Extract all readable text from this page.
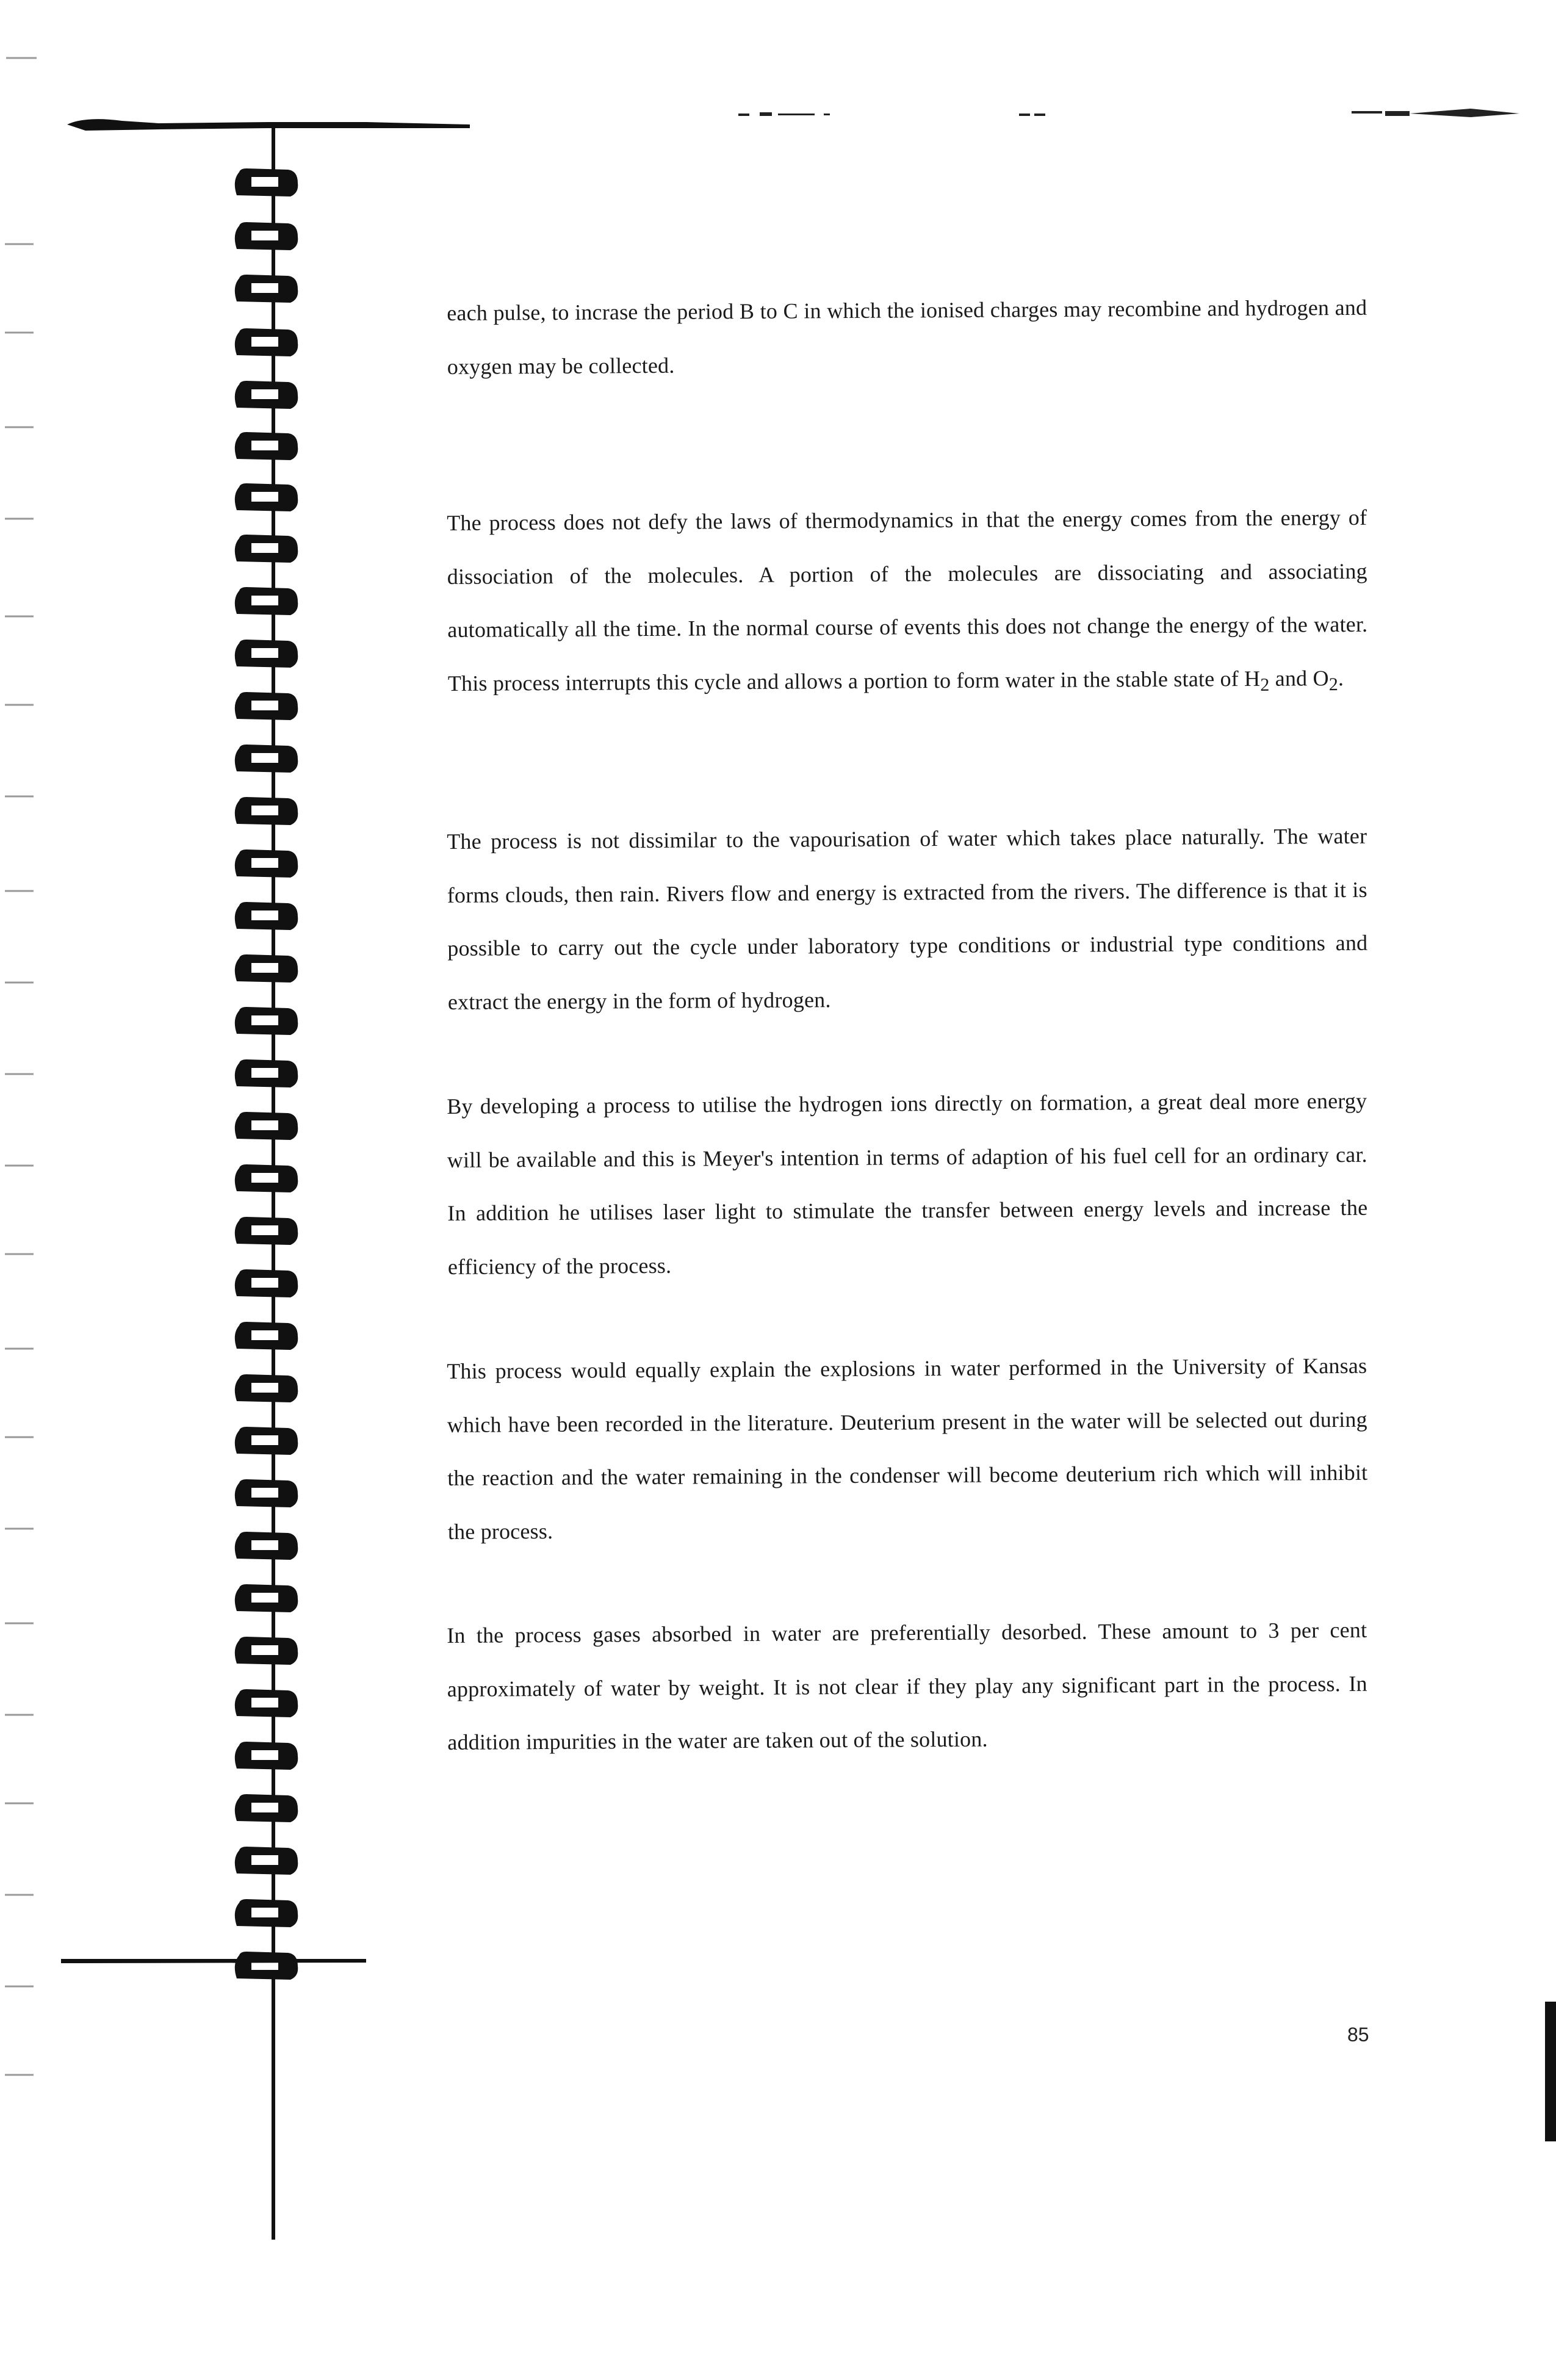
each pulse, to incrase the period B to C in which the ionised charges may recombine and hydrogen and oxygen may be collected.

The process does not defy the laws of thermodynamics in that the energy comes from the energy of dissociation of the molecules. A portion of the molecules are dissociating and associating automatically all the time. In the normal course of events this does not change the energy of the water. This process interrupts this cycle and allows a portion to form water in the stable state of $H_2$ and $O_2$.

The process is not dissimilar to the vapourisation of water which takes place naturally. The water forms clouds, then rain. Rivers flow and energy is extracted from the rivers. The difference is that it is possible to carry out the cycle under laboratory type conditions or industrial type conditions and extract the energy in the form of hydrogen.

By developing a process to utilise the hydrogen ions directly on formation, a great deal more energy will be available and this is Meyer's intention in terms of adaption of his fuel cell for an ordinary car. In addition he utilises laser light to stimulate the transfer between energy levels and increase the efficiency of the process.

This process would equally explain the explosions in water performed in the University of Kansas which have been recorded in the literature. Deuterium present in the water will be selected out during the reaction and the water remaining in the condenser will become deuterium rich which will inhibit the process.

In the process gases absorbed in water are preferentially desorbed. These amount to 3 per cent approximately of water by weight. It is not clear if they play any significant part in the process. In addition impurities in the water are taken out of the solution.

85
